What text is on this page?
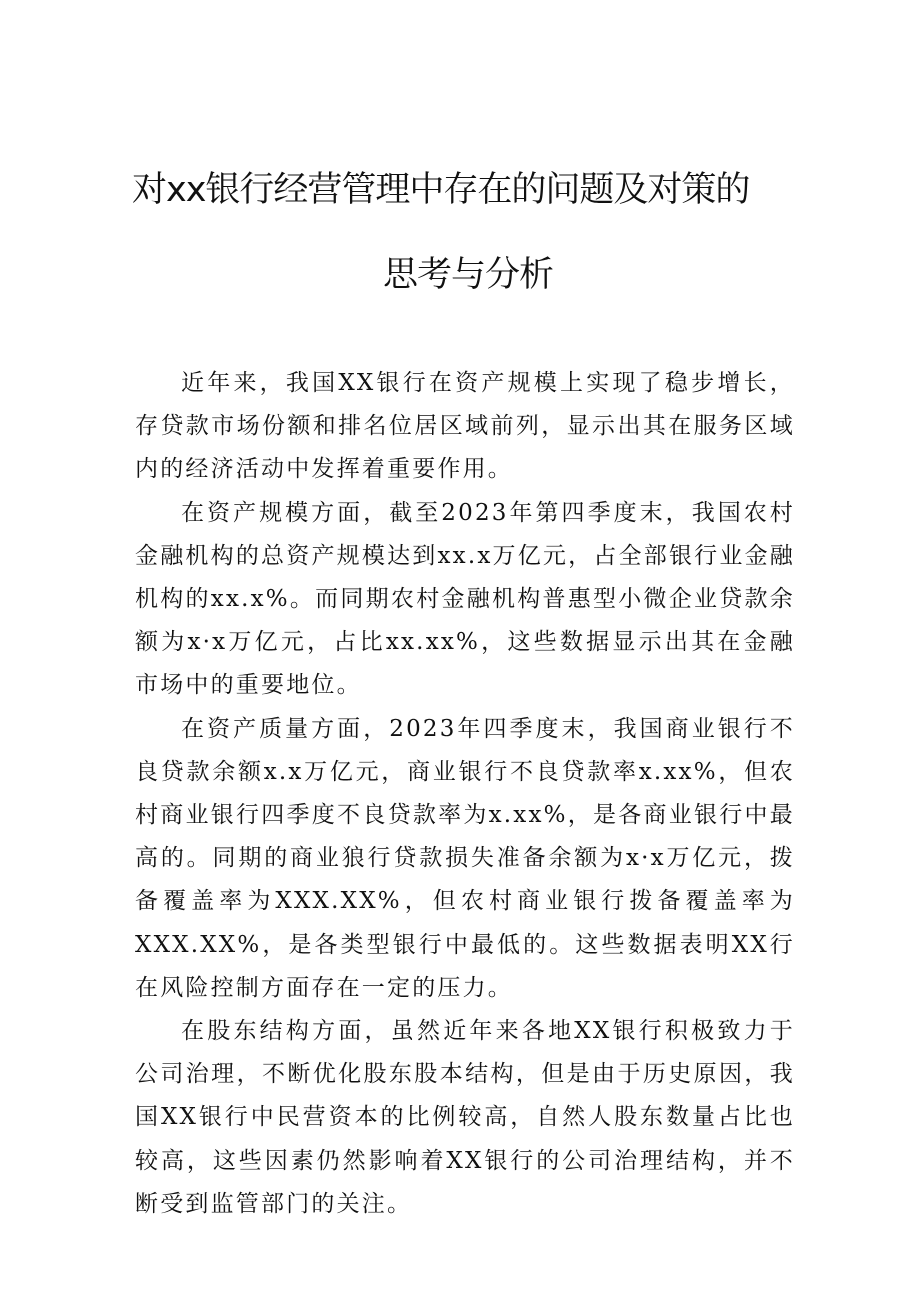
对xx银行经营管理中存在的问题及对策的
思考与分析

近年来，我国XX银行在资产规模上实现了稳步增长，存贷款市场份额和排名位居区域前列，显示出其在服务区域内的经济活动中发挥着重要作用。

在资产规模方面，截至2023年第四季度末，我国农村金融机构的总资产规模达到xx.x万亿元，占全部银行业金融机构的xx.x%。而同期农村金融机构普惠型小微企业贷款余额为x·x万亿元，占比xx.xx%，这些数据显示出其在金融市场中的重要地位。

在资产质量方面，2023年四季度末，我国商业银行不良贷款余额x.x万亿元，商业银行不良贷款率x.xx%，但农村商业银行四季度不良贷款率为x.xx%，是各商业银行中最高的。同期的商业狼行贷款损失准备余额为x·x万亿元，拨备覆盖率为XXX.XX%，但农村商业银行拨备覆盖率为XXX.XX%，是各类型银行中最低的。这些数据表明XX行在风险控制方面存在一定的压力。

在股东结构方面，虽然近年来各地XX银行积极致力于公司治理，不断优化股东股本结构，但是由于历史原因，我国XX银行中民营资本的比例较高，自然人股东数量占比也较高，这些因素仍然影响着XX银行的公司治理结构，并不断受到监管部门的关注。
